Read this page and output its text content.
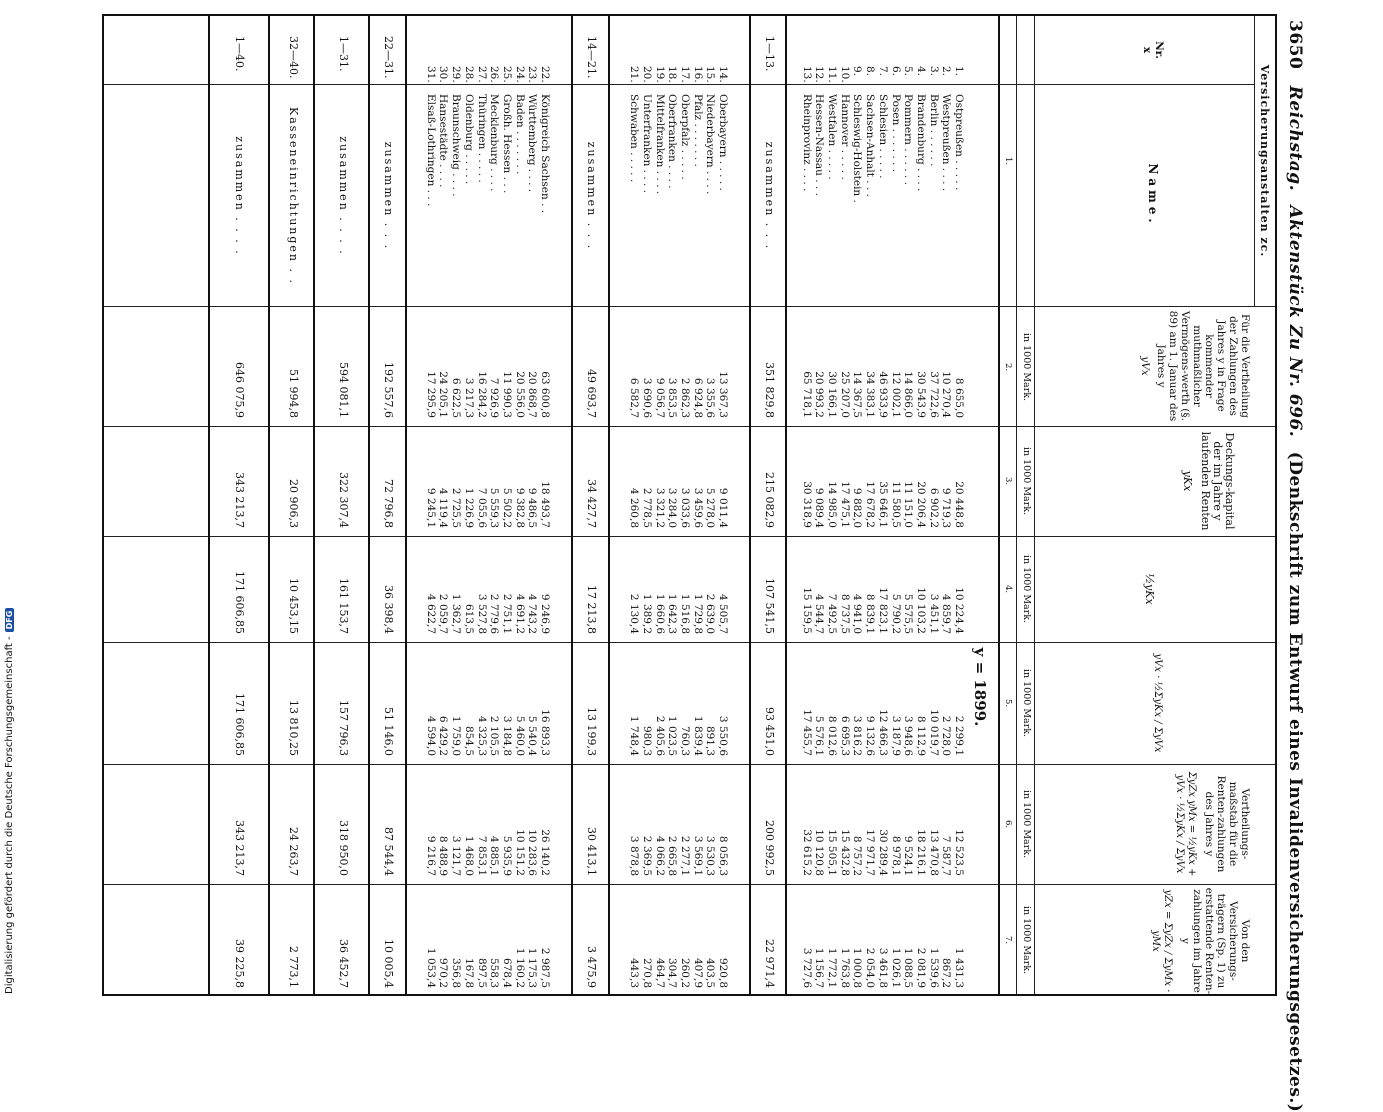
3650 Reichstag. Aktenstück Zu Nr. 696. (Denkschrift zum Entwurf eines Invalidenversicherungsgesetzes.)
Versicherungsanstalten zc.
Nr.
x
Name.
Für die Vertheilung der Zahlungen des Jahres y in Frage kommender muthmaßlicher Vermögens-werth (§. 89) am 1. Januar des Jahres y
yVx
Deckungs-kapital der im Jahre y laufenden Renten
yKx
½yKx
yVx · ½ΣyKx / ΣyVx
Vertheilungs-maßstab für die Renten-zahlungen des Jahres y
ΣyZx yMx = ½yKx + yVx · ½ΣyKx / ΣyVx
Von den Versicherungs-trägern (Sp. 1) zu erstattende Renten-zahlungen im Jahre y
yZx = ΣyZx / ΣyMx · yMx
in 1000 Mark.
in 1000 Mark.
in 1000 Mark.
in 1000 Mark.
in 1000 Mark.
in 1000 Mark.
1.
2.
3.
4.
5.
6.
7.
y = 1899.
1.
Ostpreußen . . . . .
8 655,0
20 448,8
10 224,4
2 299,1
12 523,5
1 431,3
2.
Westpreußen . . . .
10 270,4
9 719,3
4 859,7
2 728,0
7 587,7
867,2
3.
Berlin . . . . . .
37 722,6
6 902,2
3 451,1
10 019,7
13 470,8
1 539,6
4.
Brandenburg . . . .
30 543,9
20 206,4
10 103,2
8 112,9
18 216,1
2 081,9
5.
Pommern . . . . . .
14 866,0
11 151,0
5 575,5
3 948,6
9 524,1
1 088,5
6.
Posen . . . . . . .
12 002,1
11 580,5
5 790,2
3 187,9
8 978,1
1 026,1
7.
Schlesien . . . . .
46 933,9
35 646,1
17 823,1
12 466,3
30 289,4
3 461,8
8.
Sachsen-Anhalt . . .
34 383,1
17 678,2
8 839,1
9 132,6
17 971,7
2 054,0
9.
Schleswig-Holstein .
14 367,5
9 882,0
4 941,0
3 816,2
8 757,2
1 000,8
10.
Hannover . . . . .
25 207,0
17 475,1
8 737,5
6 695,3
15 432,8
1 763,8
11.
Westfalen . . . . .
30 166,1
14 985,0
7 492,5
8 012,6
15 505,1
1 772,1
12.
Hessen-Nassau . . .
20 993,2
9 089,4
4 544,7
5 576,1
10 120,8
1 156,7
13.
Rheinprovinz . . . .
65 718,1
30 318,9
15 159,5
17 455,7
32 615,2
3 727,6
1—13.
zusammen . . .
351 829,8
215 082,9
107 541,5
93 451,0
200 992,5
22 971,4
14.
Oberbayern . . . . .
13 367,3
9 011,4
4 505,7
3 550,6
8 056,3
920,8
15.
Niederbayern . . . .
3 355,6
5 278,0
2 639,0
891,3
3 530,3
403,5
16.
Pfalz . . . . . . .
6 924,8
3 459,6
1 729,8
1 839,4
3 569,1
407,9
17.
Oberpfalz . . . . .
2 862,3
3 033,6
1 516,8
760,3
2 277,1
260,2
18.
Oberfranken . . . .
3 853,5
3 284,0
1 642,3
1 023,5
2 665,8
304,7
19.
Mittelfranken . . . .
9 056,7
3 321,2
1 660,6
2 405,6
4 066,2
464,7
20.
Unterfranken . . . .
3 690,6
2 778,5
1 389,2
980,3
2 369,5
270,8
21.
Schwaben . . . . .
6 582,7
4 260,8
2 130,4
1 748,4
3 878,8
443,3
14—21.
zusammen . . .
49 693,7
34 427,7
17 213,8
13 199,3
30 413,1
3 475,9
22.
Königreich Sachsen . .
63 600,8
18 493,7
9 246,9
16 893,3
26 140,2
2 987,5
23.
Württemberg . . . .
20 868,7
9 486,5
4 743,2
5 540,4
10 283,6
1 175,3
24.
Baden . . . . . . .
20 556,0
9 382,8
4 691,2
5 460,0
10 151,2
1 160,2
25.
Großh. Hessen . . .
11 990,3
5 502,2
2 751,1
3 184,8
5 935,9
678,4
26.
Mecklenburg . . . .
7 926,9
5 559,3
2 779,6
2 105,5
4 885,1
558,3
27.
Thüringen . . . . .
16 284,2
7 055,6
3 527,8
4 325,3
7 853,1
897,5
28.
Oldenburg . . . . .
3 217,3
1 226,9
613,5
854,5
1 468,0
167,8
29.
Braunschweig . . . .
6 622,5
2 725,5
1 362,7
1 759,0
3 121,7
356,8
30.
Hansestädte . . . .
24 205,1
4 119,4
2 059,7
6 429,2
8 488,9
970,2
31.
Elsaß-Lothringen . . .
17 295,9
9 245,1
4 622,7
4 594,0
9 216,7
1 053,4
22—31.
zusammen . . .
192 557,6
72 796,8
36 398,4
51 146,0
87 544,4
10 005,4
1—31.
zusammen . . . .
594 081,1
322 307,4
161 153,7
157 796,3
318 950,0
36 452,7
32—40.
Kasseneinrichtungen . .
51 994,8
20 906,3
10 453,15
13 810,25
24 263,7
2 773,1
1—40.
zusammen . . . .
646 075,9
343 213,7
171 606,85
171 606,85
343 213,7
39 225,8
Digitalisierung gefördert durch die Deutsche Forschungsgemeinschaft -DFG
